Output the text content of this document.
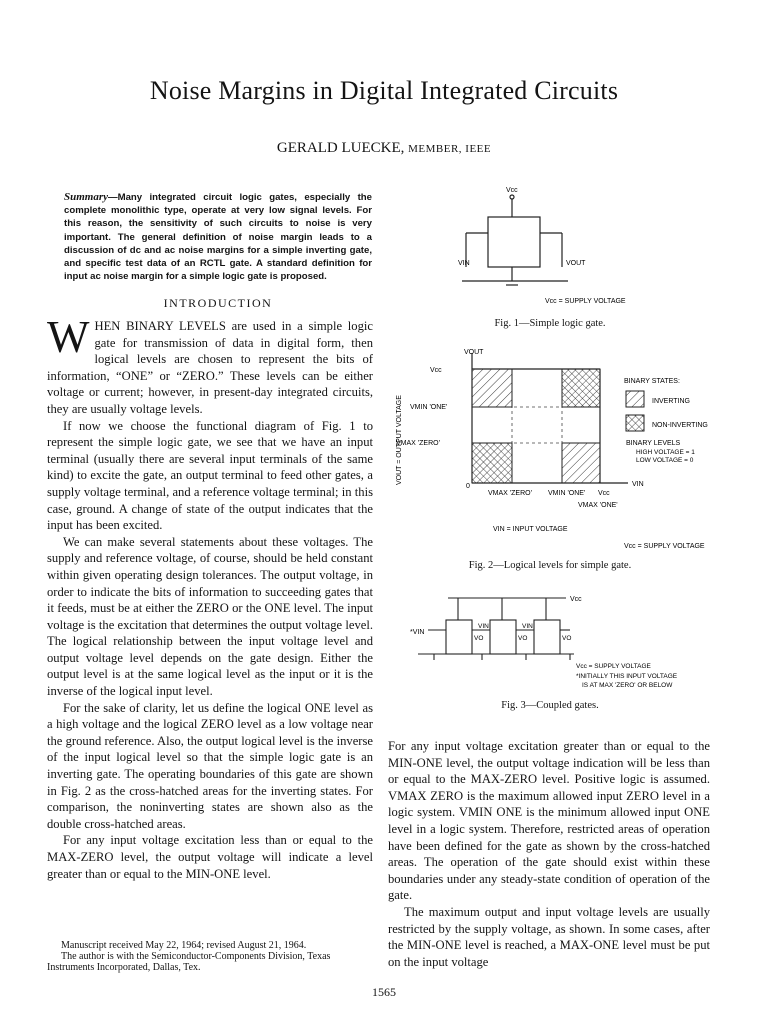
Noise Margins in Digital Integrated Circuits
GERALD LUECKE, MEMBER, IEEE
Summary—Many integrated circuit logic gates, especially the complete monolithic type, operate at very low signal levels. For this reason, the sensitivity of such circuits to noise is very important. The general definition of noise margin leads to a discussion of dc and ac noise margins for a simple inverting gate, and specific test data of an RCTL gate. A standard definition for input ac noise margin for a simple logic gate is proposed.
INTRODUCTION

WHEN BINARY LEVELS are used in a simple logic gate for transmission of data in digital form, then logical levels are chosen to represent the bits of information, “ONE” or “ZERO.” These levels can be either voltage or current; however, in present-day integrated circuits, they are usually voltage levels.

If now we choose the functional diagram of Fig. 1 to represent the simple logic gate, we see that we have an input terminal (usually there are several input terminals of the same kind) to excite the gate, an output terminal to feed other gates, a supply voltage terminal, and a reference voltage terminal; in this case, ground. A change of state of the output indicates that the input has been excited.

We can make several statements about these voltages. The supply and reference voltage, of course, should be held constant within given operating design tolerances. The output voltage, in order to indicate the bits of information to succeeding gates that it feeds, must be at either the ZERO or the ONE level. The input voltage is the excitation that determines the output voltage level. The logical relationship between the input voltage level and output voltage level depends on the gate design. Either the output level is at the same logical level as the input or it is the inverse of the logical input level.

For the sake of clarity, let us define the logical ONE level as a high voltage and the logical ZERO level as a low voltage near the ground reference. Also, the output logical level is the inverse of the input logical level so that the simple logic gate is an inverting gate. The operating boundaries of this gate are shown in Fig. 2 as the cross-hatched areas for the inverting states. For comparison, the noninverting states are shown also as the double cross-hatched areas.

For any input voltage excitation less than or equal to the MAX-ZERO level, the output voltage will indicate a level greater than or equal to the MIN-ONE level.

For any input voltage excitation greater than or equal to the MIN-ONE level, the output voltage indication will be less than or equal to the MAX-ZERO level. Positive logic is assumed. VMAX ZERO is the maximum allowed input ZERO level in a logic system. VMIN ONE is the minimum allowed input ONE level in a logic system. Therefore, restricted areas of operation have been defined for the gate as shown by the cross-hatched areas. The operation of the gate should exist within these boundaries under any steady-state condition of operation of the gate.

The maximum output and input voltage levels are usually restricted by the supply voltage, as shown. In some cases, after the MIN-ONE level is reached, a MAX-ONE level must be put on the input voltage

Manuscript received May 22, 1964; revised August 21, 1964.
The author is with the Semiconductor-Components Division, Texas Instruments Incorporated, Dallas, Tex.
1565
Vcc
VIN	VOUT
Vcc = SUPPLY VOLTAGE
Fig. 1—Simple logic gate.
VOUT
Vcc
VMIN 'ONE'
VMAX 'ZERO'
0
VOUT = OUTPUT VOLTAGE
VMAX 'ZERO' VMIN 'ONE' Vcc
VMAX 'ONE'
VIN
VIN = INPUT VOLTAGE
Vcc = SUPPLY VOLTAGE
BINARY STATES:
INVERTING
NON-INVERTING
BINARY LEVELS
HIGH VOLTAGE = 1
LOW VOLTAGE = 0
Fig. 2—Logical levels for simple gate.
Vcc
*VIN
VO
VIN
VO
VIN
VO
Vcc = SUPPLY VOLTAGE
*INITIALLY THIS INPUT VOLTAGE
IS AT MAX 'ZERO' OR BELOW
Fig. 3—Coupled gates.
